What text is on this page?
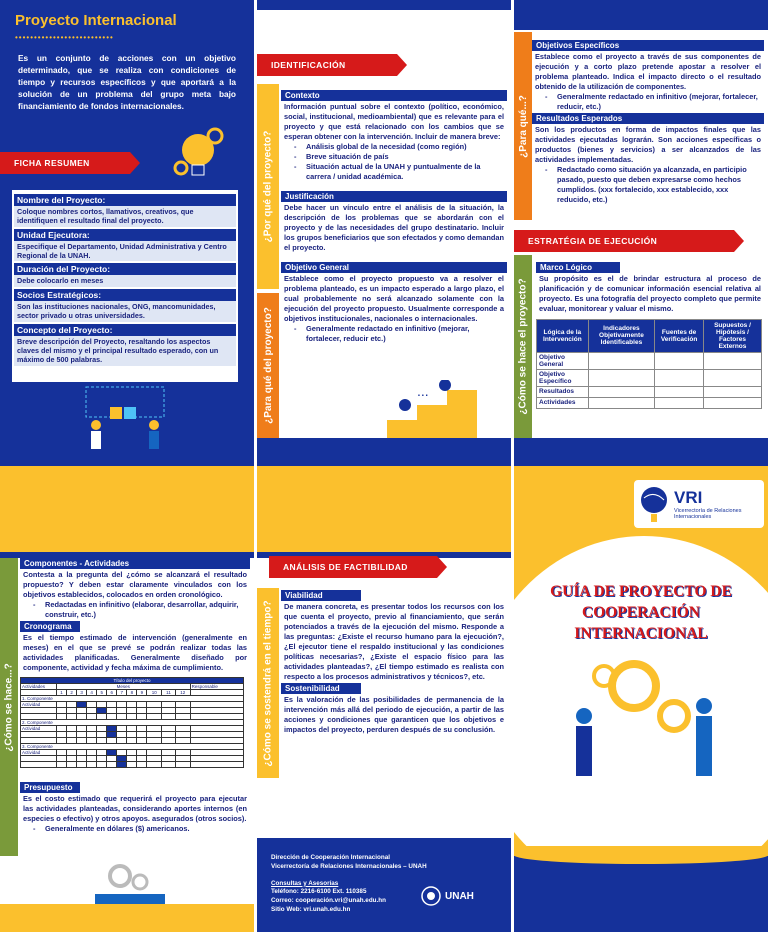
Proyecto Internacional
••••••••••••••••••••••••••
Es un conjunto de acciones con un objetivo determinado, que se realiza con condiciones de tiempo y recursos específicos y que aportará a la solución de un problema del grupo meta bajo financiamiento de fondos internacionales.
FICHA RESUMEN
Nombre del Proyecto:
Coloque nombres cortos, llamativos, creativos, que identifiquen el resultado final del proyecto.
Unidad Ejecutora:
Especifique el Departamento, Unidad Administrativa y Centro Regional de la UNAH.
Duración del Proyecto:
Debe colocarlo en meses
Socios Estratégicos:
Son las instituciones nacionales, ONG, mancomunidades, sector privado u otras universidades.
Concepto del Proyecto:
Breve descripción del Proyecto, resaltando los aspectos claves del mismo y el principal resultado esperado, con un máximo de 500 palabras.
IDENTIFICACIÓN
¿Por qué del proyecto?
¿Para qué del proyecto?
Contexto
Información puntual sobre el contexto (político, económico, social, institucional, medioambiental) que es relevante para el proyecto y que está relacionado con los cambios que se esperan obtener con la intervención. Incluir de manera breve:
- Análisis global de la necesidad (como región)
- Breve situación de país
- Situación actual de la UNAH y puntualmente de la carrera / unidad académica.
Justificación
Debe hacer un vínculo entre el análisis de la situación, la descripción de los problemas que se abordarán con el proyecto y de las necesidades del grupo destinatario. Incluir los grupos beneficiarios que son efectados y como demandan el proyecto.
Objetivo General
Establece como el proyecto propuesto va a resolver el problema planteado, es un impacto esperado a largo plazo, el cual probablemente no será alcanzado solamente con la ejecución del proyecto propuesto. Usualmente corresponde a objetivos institucionales, nacionales o internacionales.
- Generalmente redactado en infinitivo (mejorar, fortalecer, reducir etc.)
...
¿Para qué...?
¿Cómo se hace el proyecto?
Objetivos Específicos
Establece como el proyecto a través de sus componentes de ejecución y a corto plazo pretende apostar a resolver el problema planteado. Indica el impacto directo o el resultado obtenido de la utilización de componentes.
- Generalmente redactado en infinitivo (mejorar, fortalecer, reducir, etc.)
Resultados Esperados
Son los productos en forma de impactos finales que las actividades ejecutadas lograrán. Son acciones específicas o productos (bienes y servicios) a ser alcanzados de las actividades implementadas.
- Redactado como situación ya alcanzada, en participio pasado, puesto que deben expresarse como hechos cumplidos. (xxx fortalecido, xxx establecido, xxx reducido, etc.)
ESTRATÉGIA DE EJECUCIÓN
Marco Lógico
Su propósito es el de brindar estructura al proceso de planificación y de comunicar información esencial relativa al proyecto. Es una fotografía del proyecto completo que permite evaluar, monitorear y valuar el mismo.
Lógica de la Intervención	Indicadores Objetivamente Identificables	Fuentes de Verificación	Supuestos / Hipótesis / Factores Externos
Objetivo General			
Objetivo Específico			
Resultados			
Actividades			
¿Cómo se hace...?
Componentes - Actividades
Contesta a la pregunta del ¿cómo se alcanzará el resultado propuesto? Y deben estar claramente vinculados con los objetivos establecidos, colocados en orden cronológico.
- Redactadas en infinitivo (elaborar, desarrollar, adquirir, construir, etc.)
Cronograma
Es el tiempo estimado de intervención (generalmente en meses) en el que se prevé se podrán realizar todas las actividades planificadas. Generalmente diseñado por componente, actividad y fecha máxima de cumplimiento.
Título del proyecto													
Actividades	Meses												Responsable
	1	2	3	4	5	6	7	8	9	10	11	12	
1. Componente													
Actividad													

2. Componente													
Actividad													

3. Componente													
Actividad													

Presupuesto
Es el costo estimado que requerirá el proyecto para ejecutar las actividades planteadas, considerando aportes internos (en especies o efectivo) y otros apoyos. asegurados (otros socios).
- Generalmente en dólares ($) americanos.
ANÁLISIS DE FACTIBILIDAD
¿Cómo se sostendrá en el tiempo?
Viabilidad
De manera concreta, es presentar todos los recursos con los que cuenta el proyecto, previo al financiamiento, que serán potenciados a través de la ejecución del mismo. Responde a las preguntas: ¿Existe el recurso humano para la ejecución?, ¿El ejecutor tiene el respaldo institucional y las condiciones políticas necesarias?, ¿Existe el espacio físico para las actividades planteadas?, ¿El tiempo estimado es realista con respecto a los procesos administrativos y técnicos?, etc.
Sostenibilidad
Es la valoración de las posibilidades de permanencia de la intervención más allá del periodo de ejecución, a partir de las acciones y condiciones que garanticen que los objetivos e impactos del proyecto, perduren después de su conclusión.
Dirección de Cooperación Internacional
Vicerrectoría de Relaciones Internacionales – UNAH
Consultas y Asesorías
Teléfono: 2216-6100 Ext. 110385
Correo: cooperación.vri@unah.edu.hn
Sitio Web: vri.unah.edu.hn
UNAH
VRI
Vicerrectoría de Relaciones
Internacionales
GUÍA DE PROYECTO DE COOPERACIÓN INTERNACIONAL
